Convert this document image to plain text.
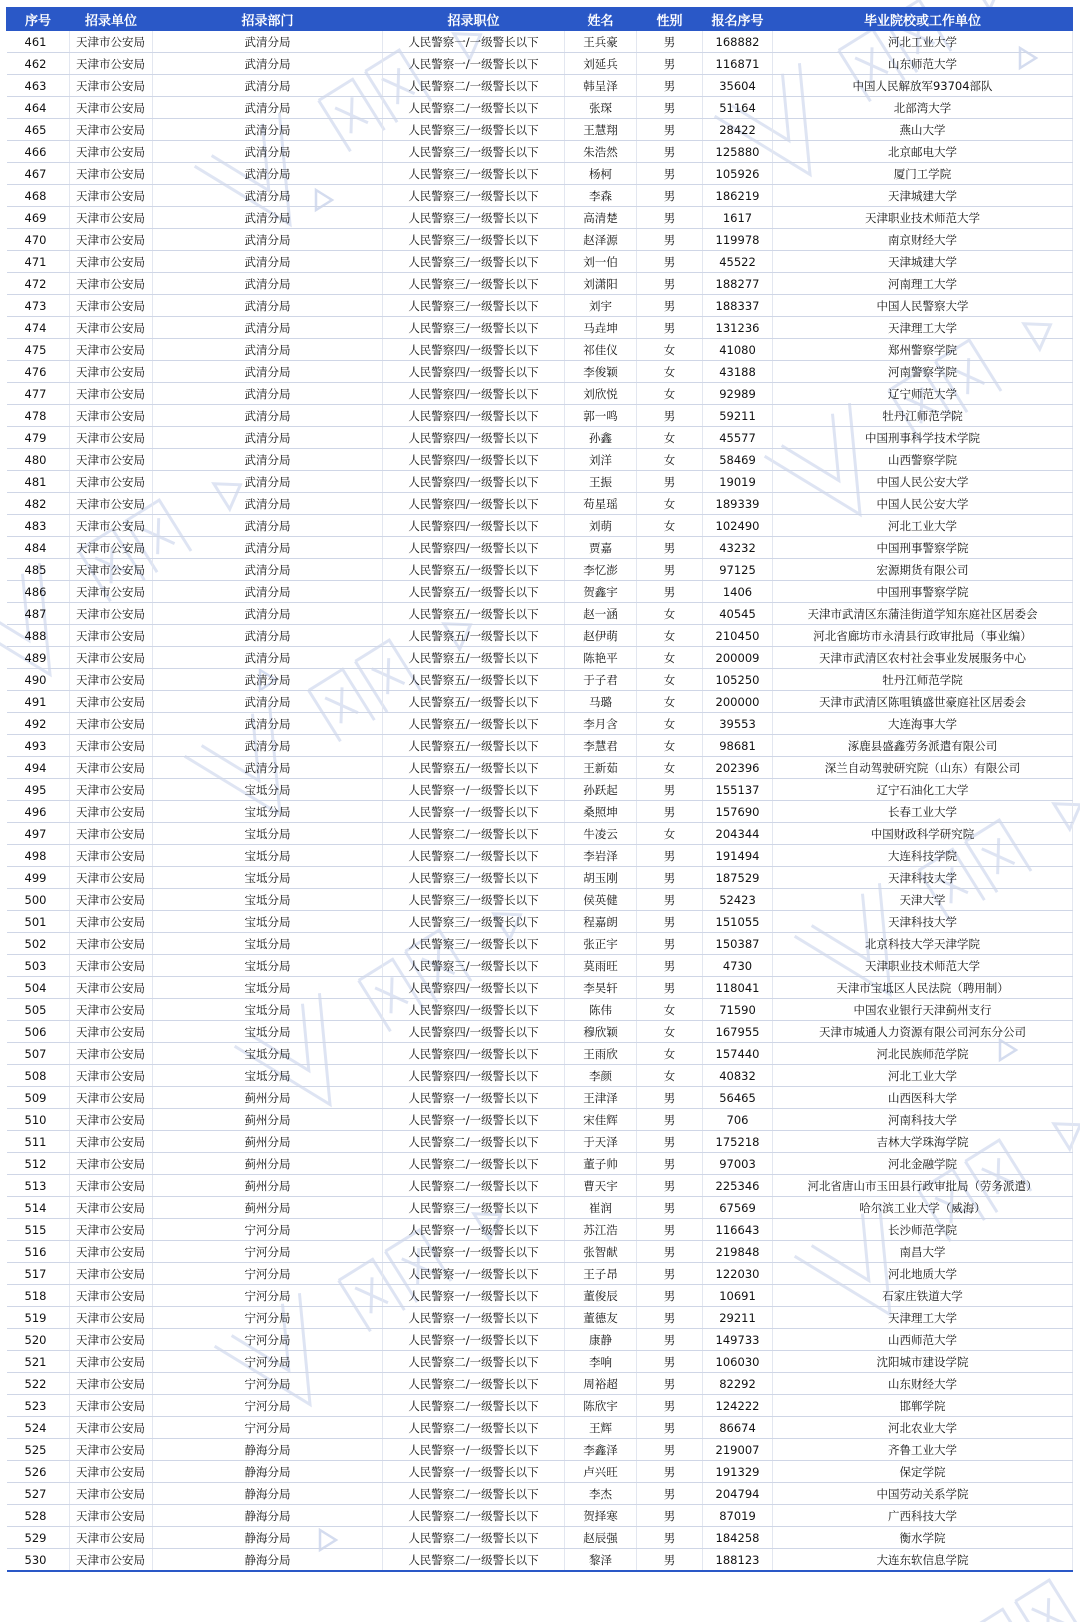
序号	招录单位	招录部门	招录职位	姓名	性别	报名序号	毕业院校或工作单位
461	天津市公安局	武清分局	人民警察一/一级警长以下	王兵豪	男	168882	河北工业大学
462	天津市公安局	武清分局	人民警察一/一级警长以下	刘延兵	男	116871	山东师范大学
463	天津市公安局	武清分局	人民警察二/一级警长以下	韩呈泽	男	35604	中国人民解放军93704部队
464	天津市公安局	武清分局	人民警察二/一级警长以下	张琛	男	51164	北部湾大学
465	天津市公安局	武清分局	人民警察三/一级警长以下	王慧翔	男	28422	燕山大学
466	天津市公安局	武清分局	人民警察三/一级警长以下	朱浩然	男	125880	北京邮电大学
467	天津市公安局	武清分局	人民警察三/一级警长以下	杨柯	男	105926	厦门工学院
468	天津市公安局	武清分局	人民警察三/一级警长以下	李森	男	186219	天津城建大学
469	天津市公安局	武清分局	人民警察三/一级警长以下	高清楚	男	1617	天津职业技术师范大学
470	天津市公安局	武清分局	人民警察三/一级警长以下	赵泽源	男	119978	南京财经大学
471	天津市公安局	武清分局	人民警察三/一级警长以下	刘一伯	男	45522	天津城建大学
472	天津市公安局	武清分局	人民警察三/一级警长以下	刘潇阳	男	188277	河南理工大学
473	天津市公安局	武清分局	人民警察三/一级警长以下	刘宇	男	188337	中国人民警察大学
474	天津市公安局	武清分局	人民警察三/一级警长以下	马垚坤	男	131236	天津理工大学
475	天津市公安局	武清分局	人民警察四/一级警长以下	祁佳仪	女	41080	郑州警察学院
476	天津市公安局	武清分局	人民警察四/一级警长以下	李俊颖	女	43188	河南警察学院
477	天津市公安局	武清分局	人民警察四/一级警长以下	刘欣悦	女	92989	辽宁师范大学
478	天津市公安局	武清分局	人民警察四/一级警长以下	郭一鸣	男	59211	牡丹江师范学院
479	天津市公安局	武清分局	人民警察四/一级警长以下	孙鑫	女	45577	中国刑事科学技术学院
480	天津市公安局	武清分局	人民警察四/一级警长以下	刘洋	女	58469	山西警察学院
481	天津市公安局	武清分局	人民警察四/一级警长以下	王振	男	19019	中国人民公安大学
482	天津市公安局	武清分局	人民警察四/一级警长以下	苟星瑶	女	189339	中国人民公安大学
483	天津市公安局	武清分局	人民警察四/一级警长以下	刘萌	女	102490	河北工业大学
484	天津市公安局	武清分局	人民警察四/一级警长以下	贾嘉	男	43232	中国刑事警察学院
485	天津市公安局	武清分局	人民警察五/一级警长以下	李忆澎	男	97125	宏源期货有限公司
486	天津市公安局	武清分局	人民警察五/一级警长以下	贺鑫宇	男	1406	中国刑事警察学院
487	天津市公安局	武清分局	人民警察五/一级警长以下	赵一涵	女	40545	天津市武清区东蒲洼街道学知东庭社区居委会
488	天津市公安局	武清分局	人民警察五/一级警长以下	赵伊萌	女	210450	河北省廊坊市永清县行政审批局（事业编）
489	天津市公安局	武清分局	人民警察五/一级警长以下	陈艳平	女	200009	天津市武清区农村社会事业发展服务中心
490	天津市公安局	武清分局	人民警察五/一级警长以下	于子君	女	105250	牡丹江师范学院
491	天津市公安局	武清分局	人民警察五/一级警长以下	马璐	女	200000	天津市武清区陈咀镇盛世豪庭社区居委会
492	天津市公安局	武清分局	人民警察五/一级警长以下	李月含	女	39553	大连海事大学
493	天津市公安局	武清分局	人民警察五/一级警长以下	李慧君	女	98681	涿鹿县盛鑫劳务派遣有限公司
494	天津市公安局	武清分局	人民警察五/一级警长以下	王新茹	女	202396	深兰自动驾驶研究院（山东）有限公司
495	天津市公安局	宝坻分局	人民警察一/一级警长以下	孙跃起	男	155137	辽宁石油化工大学
496	天津市公安局	宝坻分局	人民警察一/一级警长以下	桑照坤	男	157690	长春工业大学
497	天津市公安局	宝坻分局	人民警察二/一级警长以下	牛凌云	女	204344	中国财政科学研究院
498	天津市公安局	宝坻分局	人民警察二/一级警长以下	李岩泽	男	191494	大连科技学院
499	天津市公安局	宝坻分局	人民警察三/一级警长以下	胡玉刚	男	187529	天津科技大学
500	天津市公安局	宝坻分局	人民警察三/一级警长以下	侯英健	男	52423	天津大学
501	天津市公安局	宝坻分局	人民警察三/一级警长以下	程嘉朗	男	151055	天津科技大学
502	天津市公安局	宝坻分局	人民警察三/一级警长以下	张正宇	男	150387	北京科技大学天津学院
503	天津市公安局	宝坻分局	人民警察三/一级警长以下	莫雨旺	男	4730	天津职业技术师范大学
504	天津市公安局	宝坻分局	人民警察四/一级警长以下	李昊轩	男	118041	天津市宝坻区人民法院（聘用制）
505	天津市公安局	宝坻分局	人民警察四/一级警长以下	陈伟	女	71590	中国农业银行天津蓟州支行
506	天津市公安局	宝坻分局	人民警察四/一级警长以下	穆欣颖	女	167955	天津市城通人力资源有限公司河东分公司
507	天津市公安局	宝坻分局	人民警察四/一级警长以下	王雨欣	女	157440	河北民族师范学院
508	天津市公安局	宝坻分局	人民警察四/一级警长以下	李颜	女	40832	河北工业大学
509	天津市公安局	蓟州分局	人民警察一/一级警长以下	王津泽	男	56465	山西医科大学
510	天津市公安局	蓟州分局	人民警察一/一级警长以下	宋佳辉	男	706	河南科技大学
511	天津市公安局	蓟州分局	人民警察二/一级警长以下	于天泽	男	175218	吉林大学珠海学院
512	天津市公安局	蓟州分局	人民警察二/一级警长以下	董子帅	男	97003	河北金融学院
513	天津市公安局	蓟州分局	人民警察二/一级警长以下	曹天宇	男	225346	河北省唐山市玉田县行政审批局（劳务派遣）
514	天津市公安局	蓟州分局	人民警察三/一级警长以下	崔润	男	67569	哈尔滨工业大学（威海）
515	天津市公安局	宁河分局	人民警察一/一级警长以下	苏江浩	男	116643	长沙师范学院
516	天津市公安局	宁河分局	人民警察一/一级警长以下	张智献	男	219848	南昌大学
517	天津市公安局	宁河分局	人民警察一/一级警长以下	王子昂	男	122030	河北地质大学
518	天津市公安局	宁河分局	人民警察一/一级警长以下	董俊辰	男	10691	石家庄铁道大学
519	天津市公安局	宁河分局	人民警察一/一级警长以下	董德友	男	29211	天津理工大学
520	天津市公安局	宁河分局	人民警察一/一级警长以下	康静	男	149733	山西师范大学
521	天津市公安局	宁河分局	人民警察二/一级警长以下	李响	男	106030	沈阳城市建设学院
522	天津市公安局	宁河分局	人民警察二/一级警长以下	周裕超	男	82292	山东财经大学
523	天津市公安局	宁河分局	人民警察二/一级警长以下	陈欣宇	男	124222	邯郸学院
524	天津市公安局	宁河分局	人民警察二/一级警长以下	王辉	男	86674	河北农业大学
525	天津市公安局	静海分局	人民警察一/一级警长以下	李鑫泽	男	219007	齐鲁工业大学
526	天津市公安局	静海分局	人民警察一/一级警长以下	卢兴旺	男	191329	保定学院
527	天津市公安局	静海分局	人民警察二/一级警长以下	李杰	男	204794	中国劳动关系学院
528	天津市公安局	静海分局	人民警察二/一级警长以下	贺择寒	男	87019	广西科技大学
529	天津市公安局	静海分局	人民警察二/一级警长以下	赵辰强	男	184258	衡水学院
530	天津市公安局	静海分局	人民警察二/一级警长以下	黎泽	男	188123	大连东软信息学院
